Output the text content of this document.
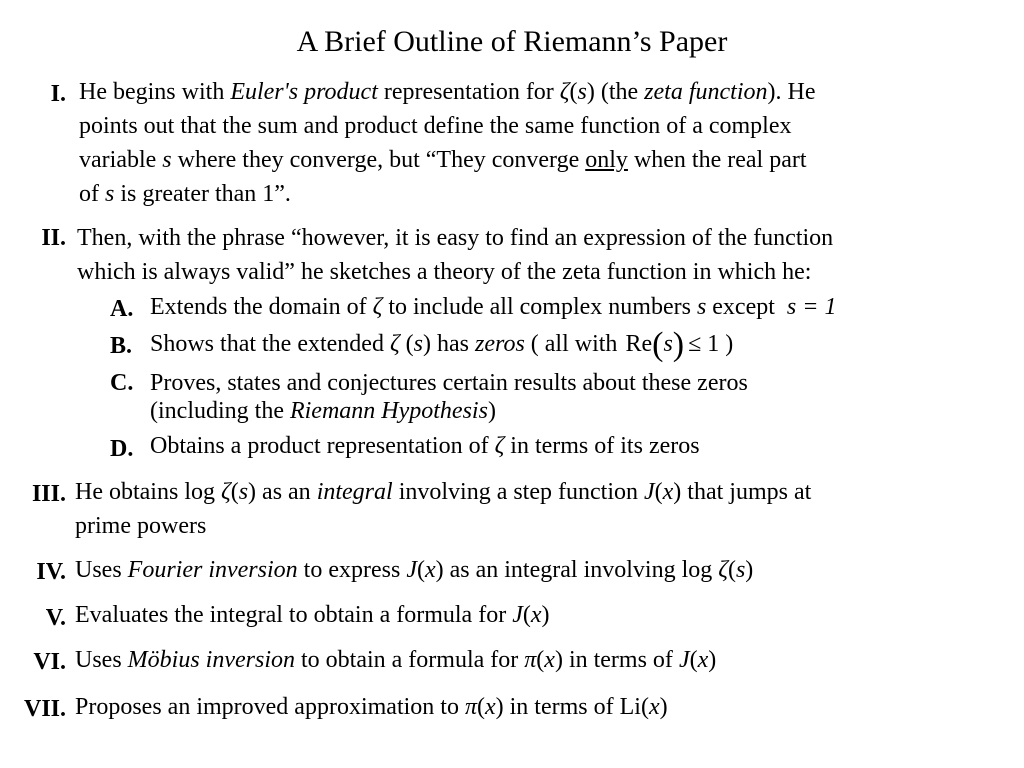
A Brief Outline of Riemann’s Paper
I. He begins with Euler's product representation for ζ(s) (the zeta function). He
points out that the sum and product define the same function of a complex
variable s where they converge, but “They converge only when the real part
of s is greater than 1”.
II. Then, with the phrase “however, it is easy to find an expression of the function
which is always valid” he sketches a theory of the zeta function in which he:
A. Extends the domain of ζ to include all complex numbers s except s = 1
B. Shows that the extended ζ (s) has zeros ( all with Re(s) ≤ 1 )
C. Proves, states and conjectures certain results about these zeros
(including the Riemann Hypothesis)
D. Obtains a product representation of ζ in terms of its zeros
III. He obtains log ζ(s) as an integral involving a step function J(x) that jumps at
prime powers
IV. Uses Fourier inversion to express J(x) as an integral involving log ζ(s)
V. Evaluates the integral to obtain a formula for J(x)
VI. Uses Möbius inversion to obtain a formula for π(x) in terms of J(x)
VII. Proposes an improved approximation to π(x) in terms of Li(x)
